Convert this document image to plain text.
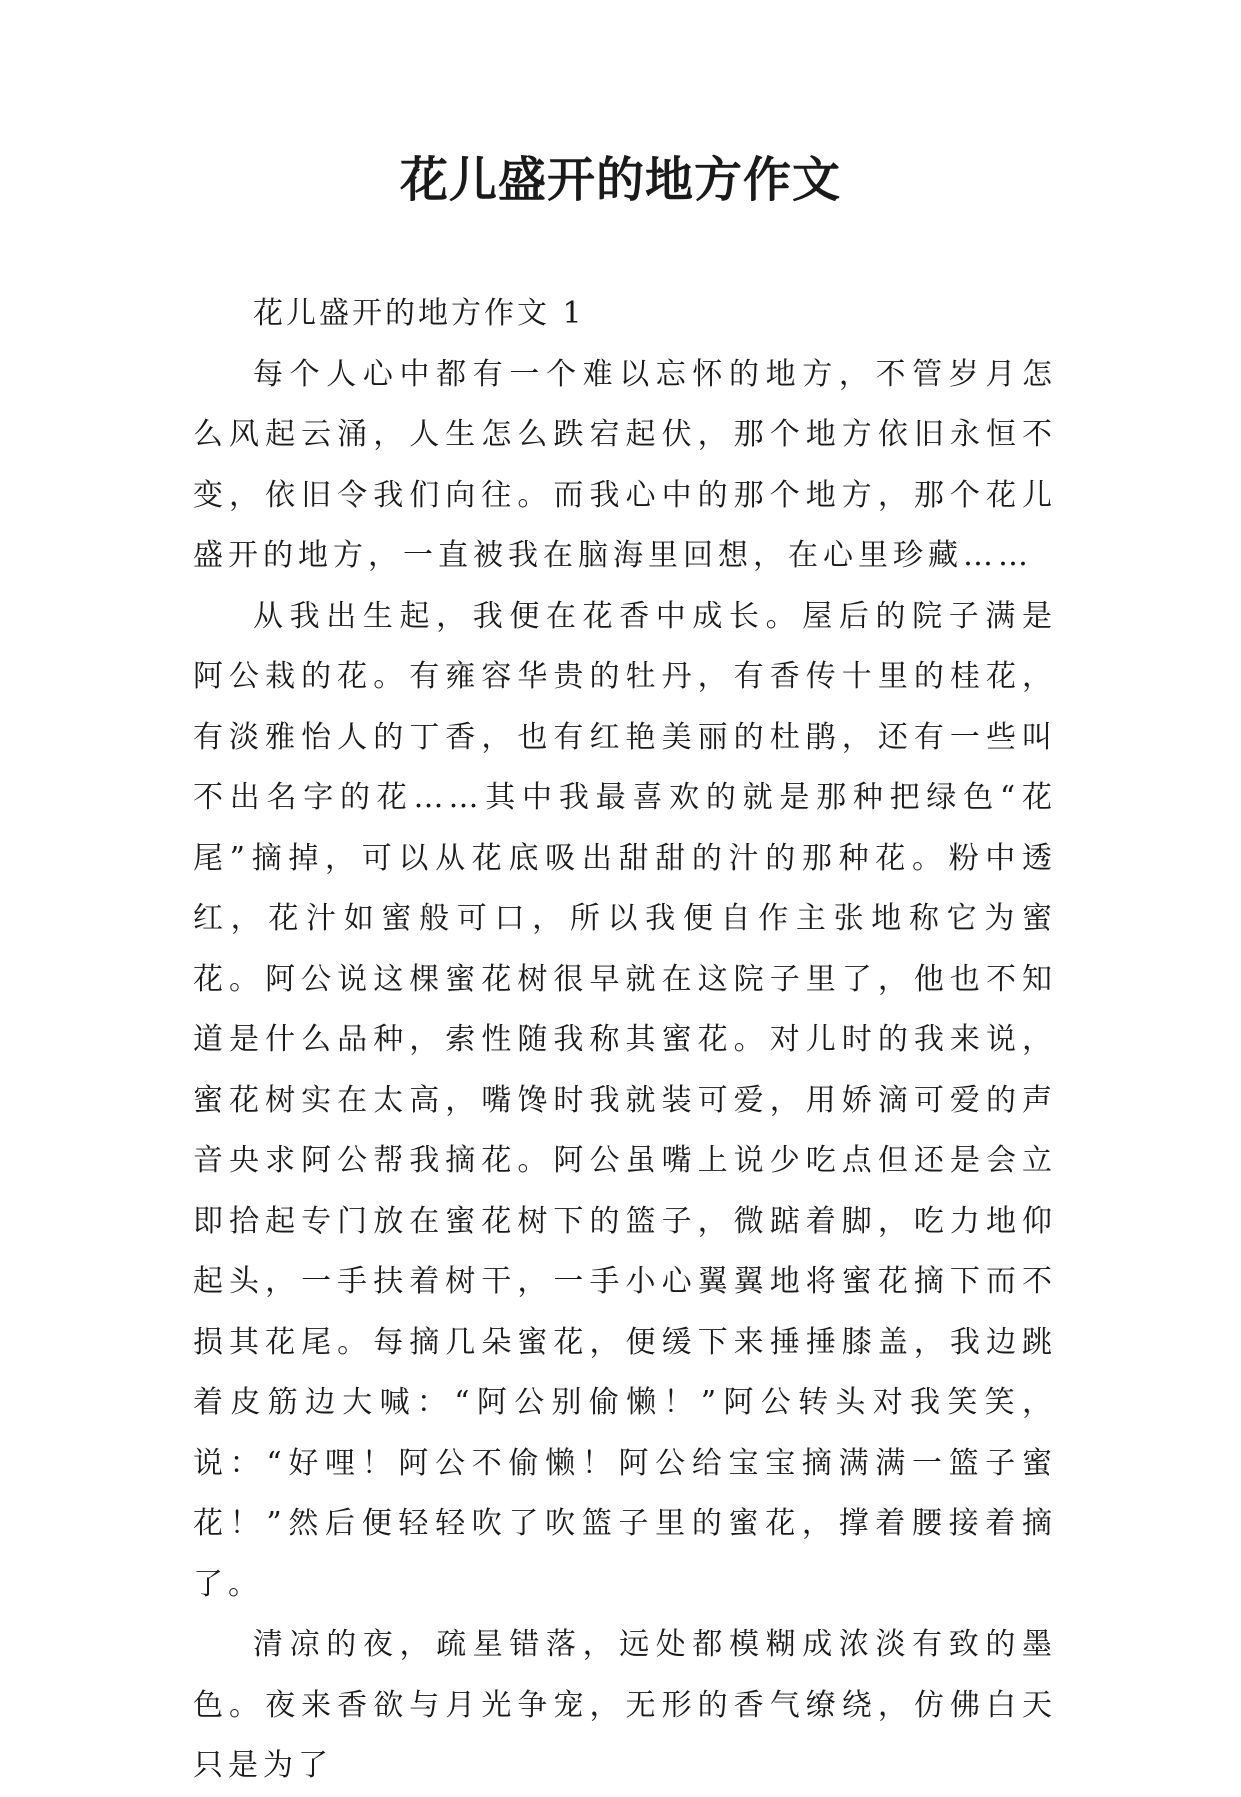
花儿盛开的地方作文

花儿盛开的地方作文 1

每个人心中都有一个难以忘怀的地方，不管岁月怎么风起云涌，人生怎么跌宕起伏，那个地方依旧永恒不变，依旧令我们向往。而我心中的那个地方，那个花儿盛开的地方，一直被我在脑海里回想，在心里珍藏……

从我出生起，我便在花香中成长。屋后的院子满是阿公栽的花。有雍容华贵的牡丹，有香传十里的桂花，有淡雅怡人的丁香，也有红艳美丽的杜鹃，还有一些叫不出名字的花……其中我最喜欢的就是那种把绿色“花尾”摘掉，可以从花底吸出甜甜的汁的那种花。粉中透红，花汁如蜜般可口，所以我便自作主张地称它为蜜花。阿公说这棵蜜花树很早就在这院子里了，他也不知道是什么品种，索性随我称其蜜花。对儿时的我来说，蜜花树实在太高，嘴馋时我就装可爱，用娇滴可爱的声音央求阿公帮我摘花。阿公虽嘴上说少吃点但还是会立即拾起专门放在蜜花树下的篮子，微踮着脚，吃力地仰起头，一手扶着树干，一手小心翼翼地将蜜花摘下而不损其花尾。每摘几朵蜜花，便缓下来捶捶膝盖，我边跳着皮筋边大喊：“阿公别偷懒！”阿公转头对我笑笑，说：“好哩！阿公不偷懒！阿公给宝宝摘满满一篮子蜜花！”然后便轻轻吹了吹篮子里的蜜花，撑着腰接着摘了。

清凉的夜，疏星错落，远处都模糊成浓淡有致的墨色。夜来香欲与月光争宠，无形的香气缭绕，仿佛白天只是为了
